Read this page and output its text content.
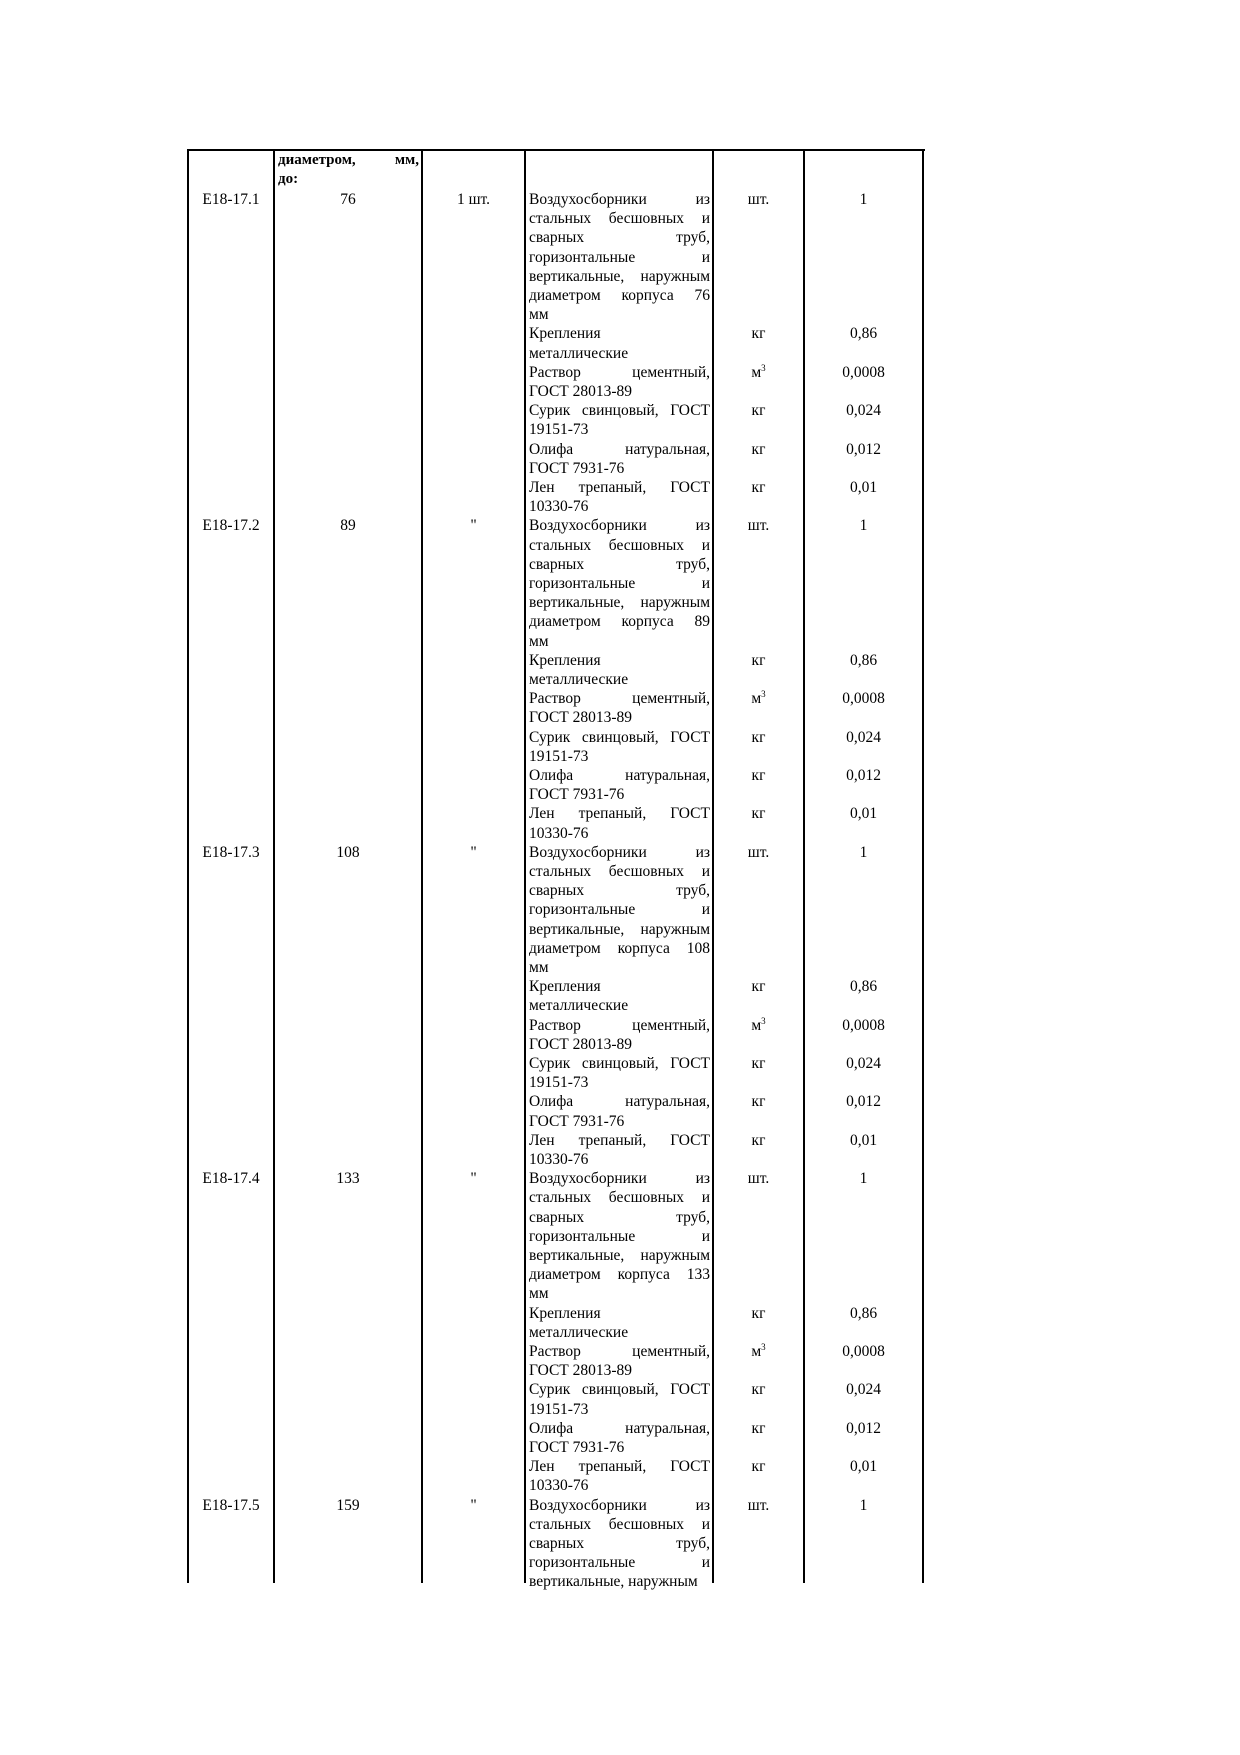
диаметром,	мм,
до:
Е18-17.1	76	1 шт.	Воздухосборники из
стальных бесшовных и
сварных труб,
горизонтальные и
вертикальные, наружным
диаметром корпуса 76
мм
шт.	1
Крепления
металлические
кг	0,86
Раствор цементный,
ГОСТ 28013-89
$м^3$	0,0008
Сурик свинцовый, ГОСТ
19151-73
кг	0,024
Олифа натуральная,
ГОСТ 7931-76
кг	0,012
Лен трепаный, ГОСТ
10330-76
кг	0,01
Е18-17.2	89	"	Воздухосборники из
стальных бесшовных и
сварных труб,
горизонтальные и
вертикальные, наружным
диаметром корпуса 89
мм
шт.	1
Крепления
металлические
кг	0,86
Раствор цементный,
ГОСТ 28013-89
$м^3$	0,0008
Сурик свинцовый, ГОСТ
19151-73
кг	0,024
Олифа натуральная,
ГОСТ 7931-76
кг	0,012
Лен трепаный, ГОСТ
10330-76
кг	0,01
Е18-17.3	108	"	Воздухосборники из
стальных бесшовных и
сварных труб,
горизонтальные и
вертикальные, наружным
диаметром корпуса 108
мм
шт.	1
Крепления
металлические
кг	0,86
Раствор цементный,
ГОСТ 28013-89
$м^3$	0,0008
Сурик свинцовый, ГОСТ
19151-73
кг	0,024
Олифа натуральная,
ГОСТ 7931-76
кг	0,012
Лен трепаный, ГОСТ
10330-76
кг	0,01
Е18-17.4	133	"	Воздухосборники из
стальных бесшовных и
сварных труб,
горизонтальные и
вертикальные, наружным
диаметром корпуса 133
мм
шт.	1
Крепления
металлические
кг	0,86
Раствор цементный,
ГОСТ 28013-89
$м^3$	0,0008
Сурик свинцовый, ГОСТ
19151-73
кг	0,024
Олифа натуральная,
ГОСТ 7931-76
кг	0,012
Лен трепаный, ГОСТ
10330-76
кг	0,01
Е18-17.5	159	"	Воздухосборники из
стальных бесшовных и
сварных труб,
горизонтальные и
вертикальные, наружным
шт.	1
